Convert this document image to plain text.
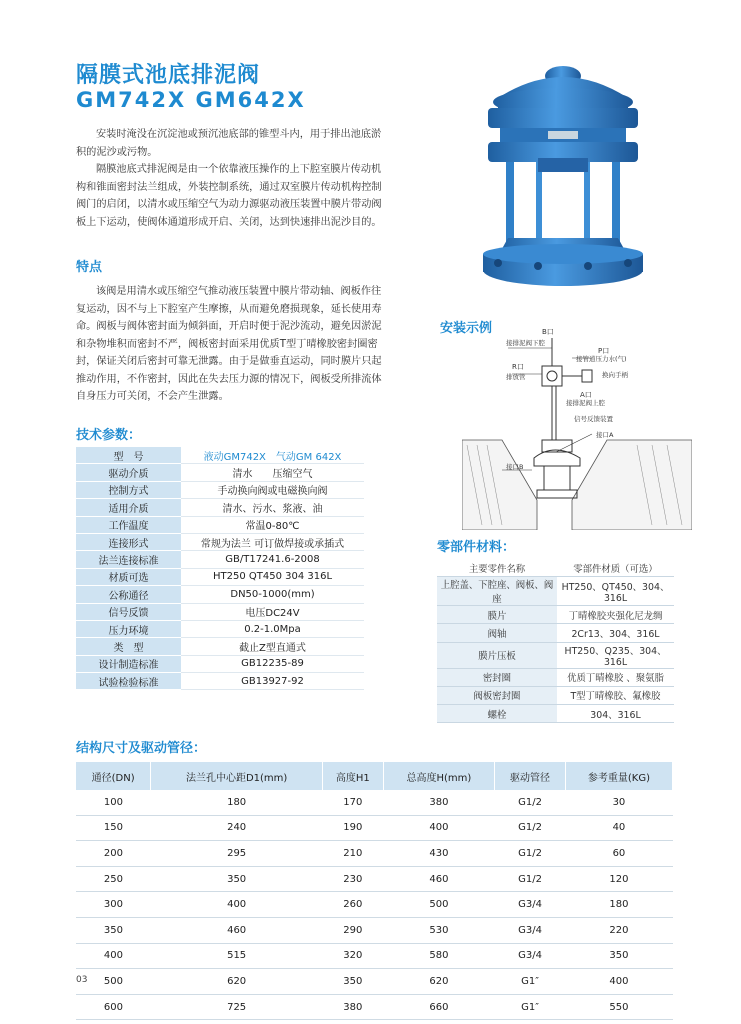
隔膜式池底排泥阀
GM742X GM642X

安装时淹没在沉淀池或预沉池底部的锥型斗内，用于排出池底淤积的泥沙或污物。

隔膜池底式排泥阀是由一个依靠液压操作的上下腔室膜片传动机构和锥面密封法兰组成，外装控制系统，通过双室膜片传动机构控制阀门的启闭，以清水或压缩空气为动力源驱动液压装置中膜片带动阀板上下运动，使阀体通道形成开启、关闭，达到快速排出泥沙目的。

特点

该阀是用清水或压缩空气推动液压装置中膜片带动轴、阀板作往复运动，因不与上下腔室产生摩擦，从而避免磨损现象，延长使用寿命。阀板与阀体密封面为倾斜面，开启时便于泥沙流动，避免因淤泥和杂物堆积而密封不严，阀板密封面采用优质T型丁晴橡胶密封圈密封，保证关闭后密封可靠无泄露。由于是做垂直运动，同时膜片只起推动作用，不作密封，因此在失去压力源的情况下，阀板受所排流体自身压力可关闭，不会产生泄露。

安装示例	B口
接排泥阀下腔
P口
接管道压力水(气)
R口
排放管	换向手柄
A口
接排泥阀上腔
信号反馈装置
接口A
接口B
技术参数：
型　号	液动GM742X　气动GM 642X
驱动介质	清水　　压缩空气
控制方式	手动换向阀或电磁换向阀
适用介质	清水、污水、浆液、油
工作温度	常温0-80℃
连接形式	常规为法兰 可订做焊接或承插式
法兰连接标准	GB/T17241.6-2008
材质可选	HT250 QT450 304 316L
公称通径	DN50-1000(mm)
信号反馈	电压DC24V
压力环境	0.2-1.0Mpa
类　型	截止Z型直通式
设计制造标准	GB12235-89
试验检验标准	GB13927-92
零部件材料：
主要零件名称	零部件材质（可选）
上腔盖、下腔座、阀板、阀座	HT250、QT450、304、316L
膜片	丁晴橡胶夹强化尼龙绸
阀轴	2Cr13、304、316L
膜片压板	HT250、Q235、304、316L
密封圈	优质丁晴橡胶 、聚氨脂
阀板密封圈	T型丁晴橡胶、氟橡胶
螺栓	304、316L
结构尺寸及驱动管径：
通径(DN)	法兰孔中心距D1(mm)	高度H1	总高度H(mm)	驱动管径	参考重量(KG)
100	180	170	380	G1/2	30
150	240	190	400	G1/2	40
200	295	210	430	G1/2	60
250	350	230	460	G1/2	120
300	400	260	500	G3/4	180
350	460	290	530	G3/4	220
400	515	320	580	G3/4	350
500	620	350	620	G1″	400
600	725	380	660	G1″	550
03
